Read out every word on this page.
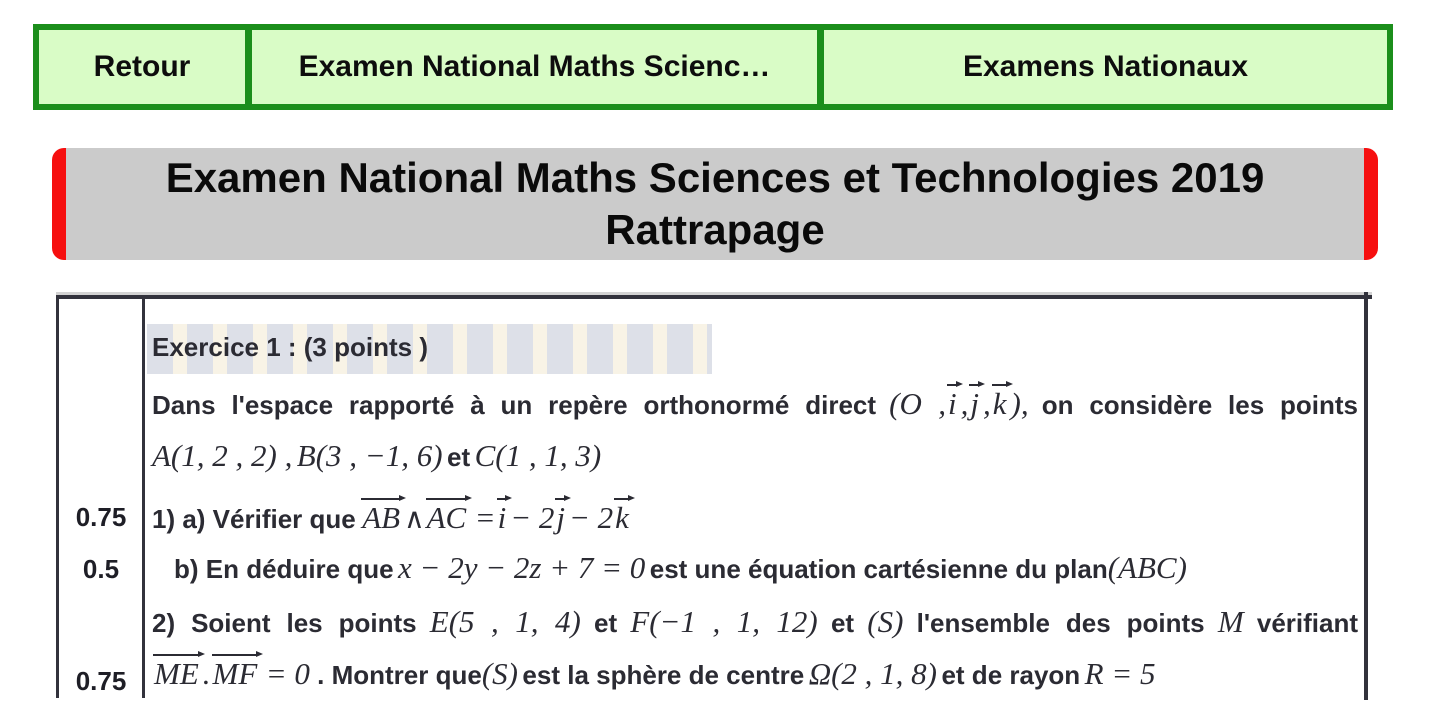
Retour	Examen National Maths Scienc…	Examens Nationaux
Examen National Maths Sciences et Technologies 2019
Rattrapage
0.75
0.5
0.75
Exercice 1 : (3 points )
Dans l'espace rapporté à un repère orthonormé direct (O ,i ,j ,k ), on considère les points
A(1, 2 , 2) , B(3 , −1, 6) et C(1 , 1, 3)
1) a) Vérifier que AB ∧AC =i − 2j − 2k
b) En déduire que x − 2y − 2z + 7 = 0 est une équation cartésienne du plan(ABC)
2) Soient les points E(5 , 1, 4) et F(−1 , 1, 12) et (S) l'ensemble des points M vérifiant
ME .MF = 0 . Montrer que(S) est la sphère de centre Ω(2 , 1, 8) et de rayon R = 5
